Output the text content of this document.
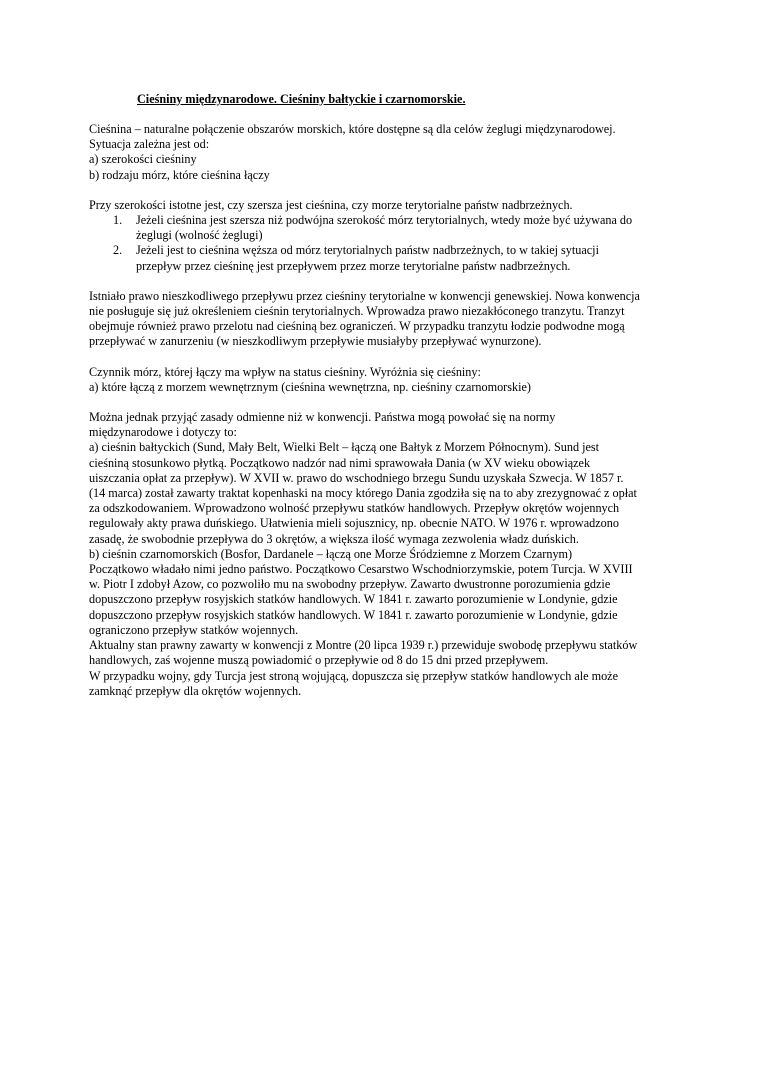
Cieśniny międzynarodowe. Cieśniny bałtyckie i czarnomorskie.

Cieśnina – naturalne połączenie obszarów morskich, które dostępne są dla celów żeglugi międzynarodowej.
Sytuacja zależna jest od:
a) szerokości cieśniny
b) rodzaju mórz, które cieśnina łączy
Przy szerokości istotne jest, czy szersza jest cieśnina, czy morze terytorialne państw nadbrzeżnych.
1. Jeżeli cieśnina jest szersza niż podwójna szerokość mórz terytorialnych, wtedy może być używana do
żeglugi (wolność żeglugi)
2. Jeżeli jest to cieśnina węższa od mórz terytorialnych państw nadbrzeżnych, to w takiej sytuacji
przepływ przez cieśninę jest przepływem przez morze terytorialne państw nadbrzeżnych.
Istniało prawo nieszkodliwego przepływu przez cieśniny terytorialne w konwencji genewskiej. Nowa konwencja
nie posługuje się już określeniem cieśnin terytorialnych. Wprowadza prawo niezakłóconego tranzytu. Tranzyt
obejmuje również prawo przelotu nad cieśniną bez ograniczeń. W przypadku tranzytu łodzie podwodne mogą
przepływać w zanurzeniu (w nieszkodliwym przepływie musiałyby przepływać wynurzone).
Czynnik mórz, której łączy ma wpływ na status cieśniny. Wyróżnia się cieśniny:
a) które łączą z morzem wewnętrznym (cieśnina wewnętrzna, np. cieśniny czarnomorskie)
Można jednak przyjąć zasady odmienne niż w konwencji. Państwa mogą powołać się na normy
międzynarodowe i dotyczy to:
a) cieśnin bałtyckich (Sund, Mały Belt, Wielki Belt – łączą one Bałtyk z Morzem Północnym). Sund jest
cieśniną stosunkowo płytką. Początkowo nadzór nad nimi sprawowała Dania (w XV wieku obowiązek
uiszczania opłat za przepływ). W XVII w. prawo do wschodniego brzegu Sundu uzyskała Szwecja. W 1857 r.
(14 marca) został zawarty traktat kopenhaski na mocy którego Dania zgodziła się na to aby zrezygnować z opłat
za odszkodowaniem. Wprowadzono wolność przepływu statków handlowych. Przepływ okrętów wojennych
regulowały akty prawa duńskiego. Ułatwienia mieli sojusznicy, np. obecnie NATO. W 1976 r. wprowadzono
zasadę, że swobodnie przepływa do 3 okrętów, a większa ilość wymaga zezwolenia władz duńskich.
b) cieśnin czarnomorskich (Bosfor, Dardanele – łączą one Morze Śródziemne z Morzem Czarnym)
Początkowo władało nimi jedno państwo. Początkowo Cesarstwo Wschodniorzymskie, potem Turcja. W XVIII
w. Piotr I zdobył Azow, co pozwoliło mu na swobodny przepływ. Zawarto dwustronne porozumienia gdzie
dopuszczono przepływ rosyjskich statków handlowych. W 1841 r. zawarto porozumienie w Londynie, gdzie
dopuszczono przepływ rosyjskich statków handlowych. W 1841 r. zawarto porozumienie w Londynie, gdzie
ograniczono przepływ statków wojennych.
Aktualny stan prawny zawarty w konwencji z Montre (20 lipca 1939 r.) przewiduje swobodę przepływu statków
handlowych, zaś wojenne muszą powiadomić o przepływie od 8 do 15 dni przed przepływem.
W przypadku wojny, gdy Turcja jest stroną wojującą, dopuszcza się przepływ statków handlowych ale może
zamknąć przepływ dla okrętów wojennych.
